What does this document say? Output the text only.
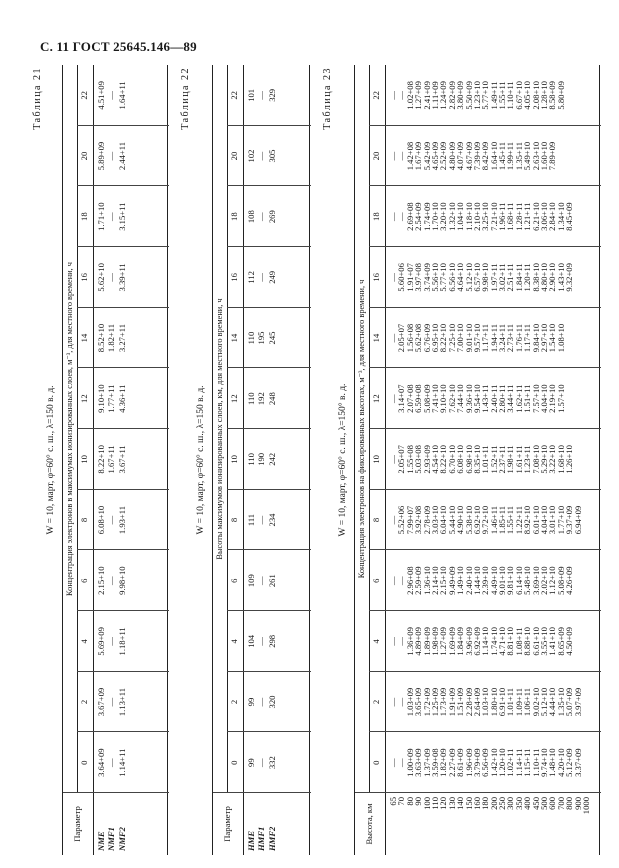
С. 11 ГОСТ 25645.146—89
Таблица 21
W = 10, март, φ=60° с. ш., λ=150 в. д. Концентрация электронов в максимумах ионизированных слоев, м⁻³, для местного времени, ч
Параметр
0
2
4
6
8
10
12
14
16
18
20
22
NME NMF1 NMF2
3.64+09 — 1.14+11
3.67+09 — 1.13+11
5.69+09 — 1.18+11
2.15+10 — 9.98+10
6.08+10 — 1.93+11
8.22+10 1.67+11 3.67+11
9.10+10 1.77+11 4.36+11
8.52+10 1.82+11 3.27+11
5.62+10 — 3.39+11
1.71+10 — 3.15+11
5.89+09 — 2.44+11
4.51+09 — 1.64+11	Таблица 22
W = 10, март, φ=60° с. ш., λ=150 в. д. Высоты максимумов ионизированных слоев, км, для местного времени, ч
Параметр
0
2
4
6
8
10
12
14
16
18
20
22
HME HMF1 HMF2
99 — 332
99 — 320
104 — 298
109 — 261
111 — 234
110 190 242
110 192 248
110 195 245
112 — 249
108 — 269
102 — 305
101 — 329	Таблица 23
W = 10, март, φ=60° с. ш., λ=150° в. д. Концентрация электронов на фиксированных высотах, м⁻³, для местного времени, ч
Высота, км
0
2
4
6
8
10
12
14
16
18
20
22
65
70
80
90
100
110
120
130
140
150
160
180
200
250
300
350
400
450
500
600
700
800
900
1000
—
—
1.00+09
3.63+09
1.37+09
3.59+08
1.82+09
2.27+09
8.61+09
1.96+09
3.79+09
6.56+09
1.42+10
1.20+10
1.02+11
1.14+11
1.15+11
1.10+11
9.74+10
1.48+10
4.20+10
5.12+09
3.37+09
—
—
1.03+09
3.65+09
1.72+09
1.25+09
1.73+09
1.91+09
1.51+09
2.28+09
2.64+09
1.03+10
1.80+10
6.91+10
1.01+11
1.09+11
1.06+11
9.02+10
5.12+10
4.44+10
1.35+10
5.07+09
3.97+09
—
—
1.36+09
4.89+09
1.89+09
1.98+09
1.27+09
1.69+09
1.84+09
3.96+09
6.92+09
1.14+10
1.74+10
4.71+10
8.81+10
1.08+11
8.88+10
6.61+10
3.55+10
1.41+10
8.65+09
4.50+09
—
—
2.96+08
2.59+09
1.36+10
2.14+10
2.15+10
9.49+09
1.49+10
2.40+10
1.44+10
2.39+10
4.49+10
9.01+10
9.81+10
6.14+10
5.48+10
3.69+10
2.02+10
1.12+10
5.08+09
4.26+09
—
5.52+06
7.99+07
3.92+08
2.78+09
3.03+10
6.04+10
5.44+10
4.90+10
5.38+10
6.92+10
9.72+10
1.46+11
1.85+11
1.55+11
1.22+11
8.92+10
6.01+10
4.04+10
3.01+10
1.77+10
9.37+09
6.94+09
—
2.05+07
1.55+08
5.03+08
2.93+09
4.54+10
8.22+10
6.70+10
6.08+10
6.98+10
8.35+10
1.01+11
1.52+11
2.37+11
1.98+11
1.61+11
1.23+11
7.08+10
5.29+10
3.22+10
1.68+10
1.26+10
—
3.14+07
2.07+08
6.59+08
5.08+09
7.41+10
9.10+10
7.62+10
7.44+10
9.36+10
9.54+10
1.43+11
2.40+11
2.80+11
3.44+11
1.62+11
1.51+11
7.57+10
4.04+10
2.19+10
1.57+10
—
2.05+07
1.56+08
5.62+08
6.76+09
6.95+10
8.22+10
7.25+10
7.00+10
9.01+10
9.57+10
1.17+11
1.94+11
3.24+11
2.73+11
1.76+11
1.17+11
9.84+10
2.97+10
1.54+10
1.08+10
—
5.60+06
1.91+07
3.97+08
3.74+09
5.56+10
5.77+10
6.56+10
4.64+10
5.12+10
6.57+10
9.98+10
1.97+11
3.02+11
2.51+11
1.84+11
1.20+11
8.38+10
4.80+10
2.90+10
1.43+10
9.32+09
—
—
2.69+08
2.54+09
1.74+09
1.70+10
3.20+10
1.32+10
1.04+10
1.18+10
2.10+10
3.25+10
7.21+10
1.96+11
1.68+11
1.28+11
1.21+11
6.21+10
3.06+10
2.84+10
1.34+10
8.45+09
—
—
1.42+08
1.67+09
5.42+09
4.65+09
2.52+09
4.80+09
4.07+09
4.67+09
7.39+09
8.42+09
1.64+10
1.45+11
1.99+11
1.35+11
5.49+10
2.63+10
1.60+10
7.89+09
—
—
1.02+08
1.27+09
2.41+09
1.11+09
1.24+09
2.82+09
3.80+09
5.50+09
1.23+10
5.77+10
1.49+11
1.55+11
1.10+11
6.67+10
4.05+10
2.08+10
1.28+10
8.58+09
5.80+09
